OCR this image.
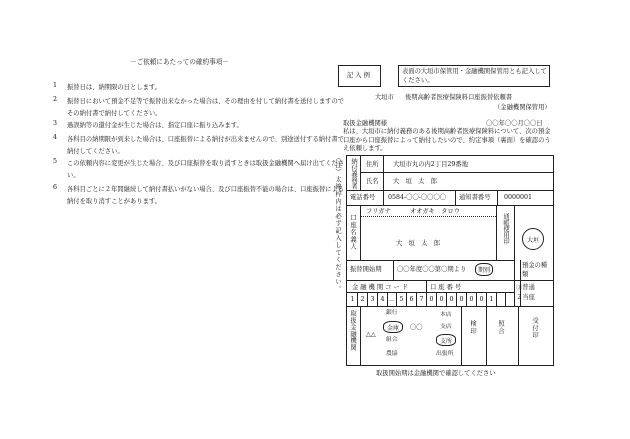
－ご依頼にあたっての確約事項－
1 振替日は、納期限の日とします。
2 振替日において預金不足等で振替出来なかった場合は、その理由を付して納付書を送付しますのでその納付書で納付してください。
3 過誤納等の還付金が生じた場合は、指定口座に振り込みます。
4 各科目の納期限が到来した場合は、口座振替による納付が出来ませんので、別途送付する納付書で納付してください。
5 この依頼内容に変更が生じた場合、及び口座振替を取り消すときは取扱金融機関へ届け出てください。
6 各科目ごとに２年間継続して納付書払いがない場合、及び口座振替不能の場合は、口座振替による納付を取り消すことがあります。
記 入 例
表面の大垣市保管用・金融機関保管用とも記入してください。
大垣市 後期高齢者医療保険料口座振替依頼書
（金融機関保管用）
取扱金融機関様	〇〇年〇〇月〇〇日
私は、大垣市に納付義務のある後期高齢者医療保険料について、次の預金口座から口座振替によって納付したいので、約定事項（裏面）を確認のうえ依頼します。
（注）太線枠内は必ず記入してください。 納付義務者 住所 大垣市丸の内2丁目29番地
氏名 大　垣　太　郎
電話番号 0584-〇〇-〇〇〇〇 通知書番号 0000001
口座名義人
フリガナ	オオガキ　タロウ
大　垣　太　郎	通帳使用印	大垣
振替開始期 〇〇年度〇〇第〇期より 期別
預金の種類
①普通
２当座
金融機関コード	口座番号
1 2 3 4 － 5 6 7 0 0 0 0 0 0 1
取扱金融機関 △△
銀行
金庫
組合
農協
〇〇
本店
支店
支所
出張所
検印	照合	受付印
取扱開始期は金融機関で確認してください
